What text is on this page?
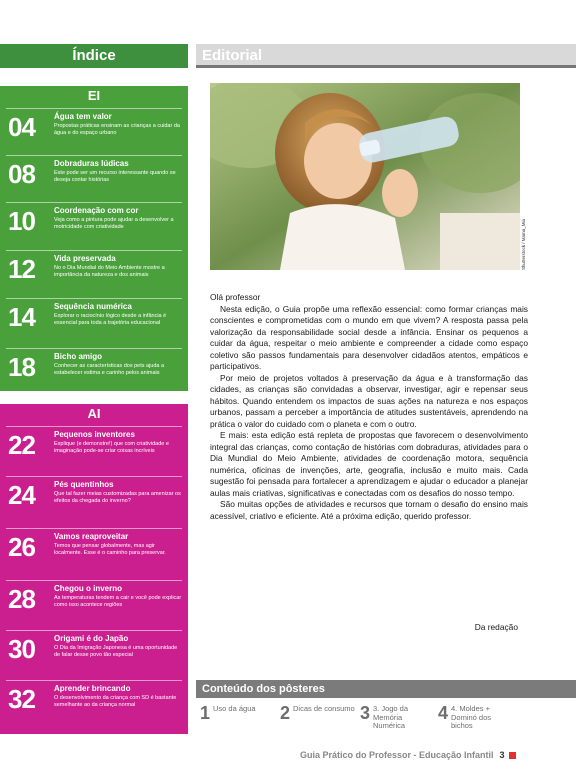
Índice
EI
04	Água tem valor
Propostas práticas ensinam as crianças a cuidar da água e do espaço urbano
08	Dobraduras lúdicas
Este pode ser um recurso interessante quando se deseja contar histórias
10	Coordenação com cor
Veja como a pintura pode ajudar a desenvolver a motricidade com criatividade
12	Vida preservada
No o Dia Mundial do Meio Ambiente mostre a importância da natureza e dos animais
14	Sequência numérica
Explorar o raciocínio lógico desde a infância é essencial para toda a trajetória educacional
18	Bicho amigo
Conhecer as características dos pets ajuda a estabelecer estima e carinho pelos animais
AI
22	Pequenos inventores
Explique (e demonstre!) que com criatividade e imaginação pode-se criar coisas incríveis
24	Pés quentinhos
Que tal fazer meias customizadas para amenizar os efeitos da chegada do inverno?
26	Vamos reaproveitar
Temos que pensar globalmente, mas agir localmente. Esse é o caminho para preservar.
28	Chegou o inverno
As temperaturas tendem a cair e você pode explicar como isso acontece regiões
30	Origami é do Japão
O Dia da Imigração Japonesa é uma oportunidade de falar desse povo tão especial
32	Aprender brincando
O desenvolvimento da criança com SD é bastante semelhante ao da criança normal
Editorial
Shutterstock / Mama_Mia

Olá professor

Nesta edição, o Guia propõe uma reflexão essencial: como formar crianças mais conscientes e comprometidas com o mundo em que vivem? A resposta passa pela valorização da responsabilidade social desde a infância. Ensinar os pequenos a cuidar da água, respeitar o meio ambiente e compreender a cidade como espaço coletivo são passos fundamentais para desenvolver cidadãos atentos, empáticos e participativos.

Por meio de projetos voltados à preservação da água e à transformação das cidades, as crianças são convidadas a observar, investigar, agir e repensar seus hábitos. Quando entendem os impactos de suas ações na natureza e nos espaços urbanos, passam a perceber a importância de atitudes sustentáveis, aprendendo na prática o valor do cuidado com o planeta e com o outro.

E mais: esta edição está repleta de propostas que favorecem o desenvolvimento integral das crianças, como contação de histórias com dobraduras, atividades para o Dia Mundial do Meio Ambiente, atividades de coordenação motora, sequência numérica, oficinas de invenções, arte, geografia, inclusão e muito mais. Cada sugestão foi pensada para fortalecer a aprendizagem e ajudar o educador a planejar aulas mais criativas, significativas e conectadas com os desafios do nosso tempo.

São muitas opções de atividades e recursos que tornam o desafio do ensino mais acessível, criativo e eficiente. Até a próxima edição, querido professor.

Da redação
Conteúdo dos pôsteres
1 Uso da água	2 Dicas de consumo 3 3. Jogo da Memória Numérica
4 4. Moldes + Dominó dos bichos
Guia Prático do Professor - Educação Infantil 3
